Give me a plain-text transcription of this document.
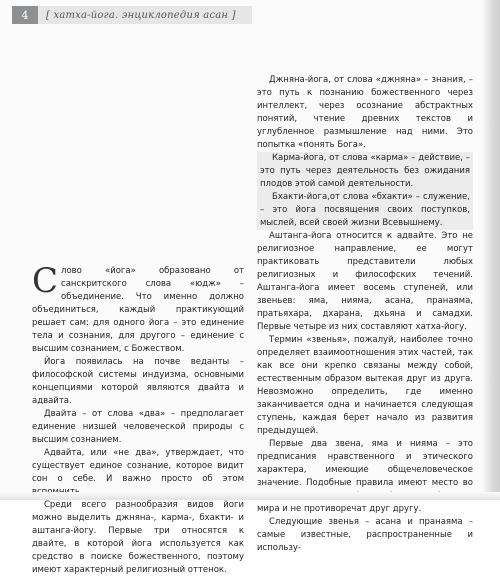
4	[ хатха-йога. энциклопедия асан ]

Слово «йога» образовано от санскритского слова «юдж» – объединение. Что именно должно объединиться, каждый практикующий решает сам: для одного йога – это единение тела и сознания, для другого – единение с высшим сознанием, с Божеством.

Йога появилась на почве веданты – философской системы индуизма, основными концепциями которой являются двайта и адвайта.

Двайта – от слова «два» – предполагает единение низшей человеческой природы с высшим сознанием.

Адвайта, или «не два», утверждает, что существует единое сознание, которое видит сон о себе. И важно просто об этом

Среди всего разнообразия видов йоги можно выделить джняна-, карма-, бхакти- и аштанга-йогу. Первые три относятся к двайте, в которой йога используется как средство в поиске божественного, поэтому имеют характерный религиозный оттенок.

Джняна-йога, от слова «джняна» – знания, – это путь к познанию божественного через интеллект, через осознание абстрактных понятий, чтение древних текстов и углубленное размышление над ними. Это попытка «понять Бога».

Карма-йога, от слова «карма» – действие, – это путь через деятельность без ожидания плодов этой самой деятельности.

Бхакти-йога,от слова «бхакти» – служение, – это йога посвящения своих поступков, мыслей, всей своей жизни Всевышнему.

Аштанга-йога относится к адвайте. Это не религиозное направление, ее могут практиковать представители любых религиозных и философских течений. Аштанга-йога имеет восемь ступеней, или звеньев: яма, нияма, асана, пранаяма, пратьяхара, дхарана, дхьяна и самадхи. Первые четыре из них составляют хатха-йогу.

Термин «звенья», пожалуй, наиболее точно определяет взаимоотношения этих частей, так как все они крепко связаны между собой, естественным образом вытекая друг из друга. Невозможно определить, где именно заканчивается одна и начинается следующая ступень, каждая берет начало из развития предыдущей.

Первые два звена, яма и нияма – это предписания нравственного и этического характера, имеющие общечеловеческое значение. Подобные правила имеют место во мира и не противоречат друг другу.

Следующие звенья – асана и пранаяма – самые известные, распространенные и использу-
